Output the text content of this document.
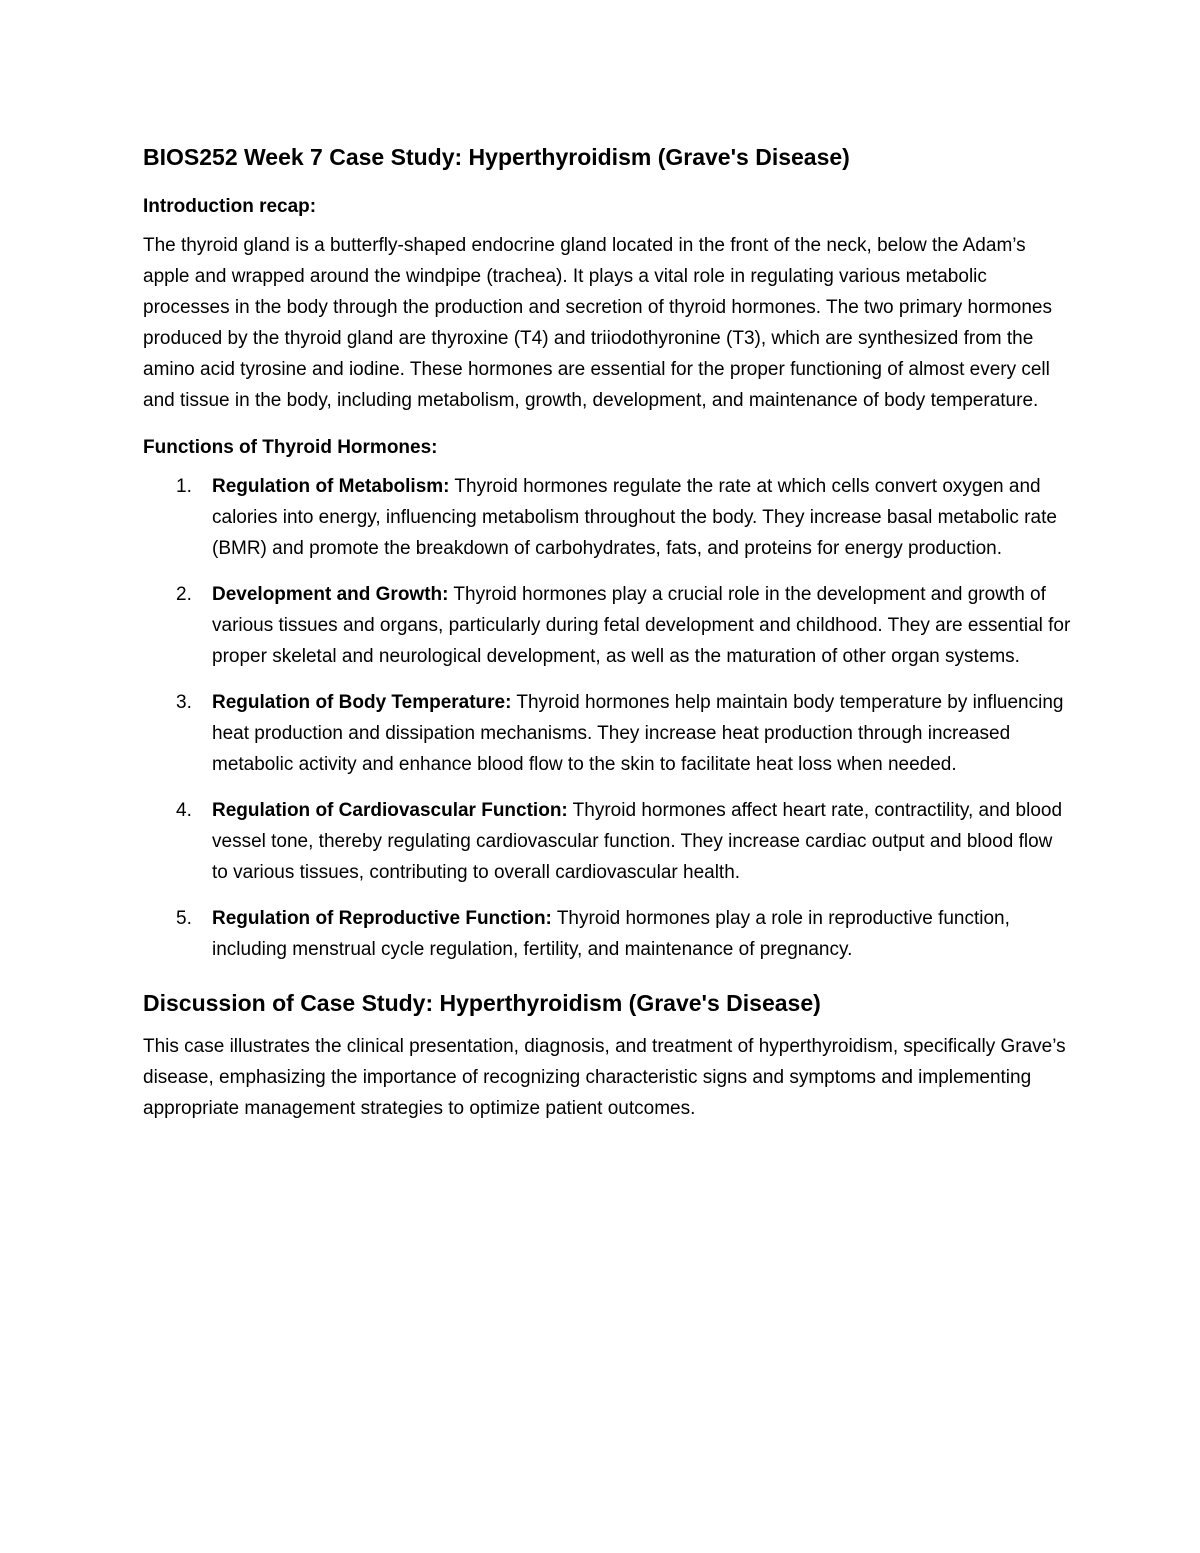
BIOS252 Week 7 Case Study: Hyperthyroidism (Grave's Disease)
Introduction recap:

The thyroid gland is a butterfly-shaped endocrine gland located in the front of the neck, below the Adam’s apple and wrapped around the windpipe (trachea). It plays a vital role in regulating various metabolic processes in the body through the production and secretion of thyroid hormones. The two primary hormones produced by the thyroid gland are thyroxine (T4) and triiodothyronine (T3), which are synthesized from the amino acid tyrosine and iodine. These hormones are essential for the proper functioning of almost every cell and tissue in the body, including metabolism, growth, development, and maintenance of body temperature.

Functions of Thyroid Hormones:
1. Regulation of Metabolism: Thyroid hormones regulate the rate at which cells convert oxygen and calories into energy, influencing metabolism throughout the body. They increase basal metabolic rate (BMR) and promote the breakdown of carbohydrates, fats, and proteins for energy production.
2. Development and Growth: Thyroid hormones play a crucial role in the development and growth of various tissues and organs, particularly during fetal development and childhood. They are essential for proper skeletal and neurological development, as well as the maturation of other organ systems.
3. Regulation of Body Temperature: Thyroid hormones help maintain body temperature by influencing heat production and dissipation mechanisms. They increase heat production through increased metabolic activity and enhance blood flow to the skin to facilitate heat loss when needed.
4. Regulation of Cardiovascular Function: Thyroid hormones affect heart rate, contractility, and blood vessel tone, thereby regulating cardiovascular function. They increase cardiac output and blood flow to various tissues, contributing to overall cardiovascular health.
5. Regulation of Reproductive Function: Thyroid hormones play a role in reproductive function, including menstrual cycle regulation, fertility, and maintenance of pregnancy.
Discussion of Case Study: Hyperthyroidism (Grave's Disease)

This case illustrates the clinical presentation, diagnosis, and treatment of hyperthyroidism, specifically Grave’s disease, emphasizing the importance of recognizing characteristic signs and symptoms and implementing appropriate management strategies to optimize patient outcomes.
